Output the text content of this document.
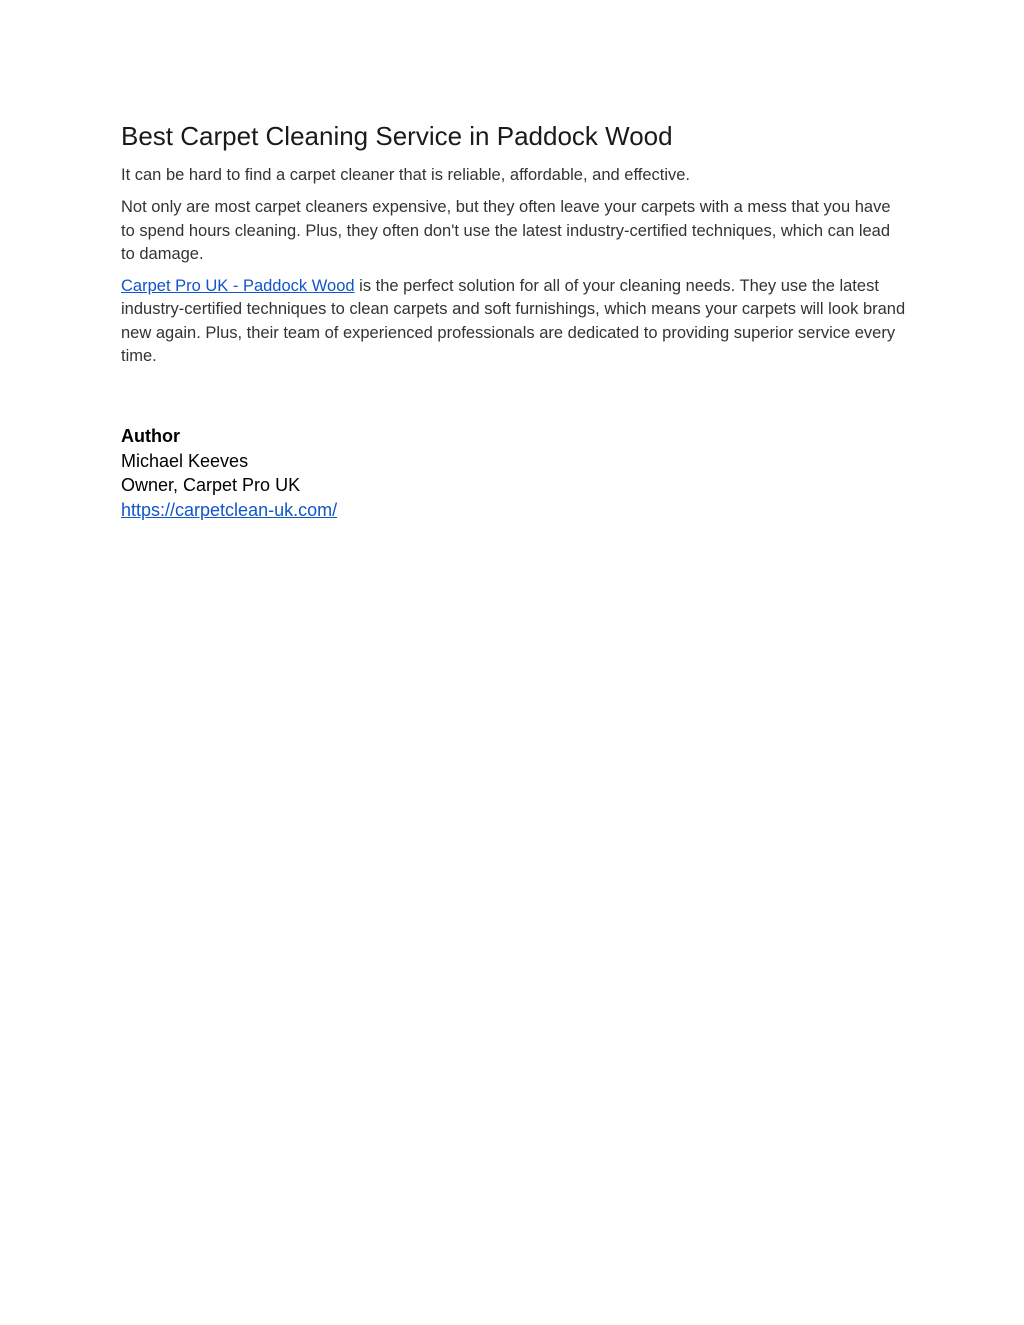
Best Carpet Cleaning Service in Paddock Wood

It can be hard to find a carpet cleaner that is reliable, affordable, and effective.

Not only are most carpet cleaners expensive, but they often leave your carpets with a mess that you have to spend hours cleaning. Plus, they often don't use the latest industry-certified techniques, which can lead to damage.

Carpet Pro UK - Paddock Wood is the perfect solution for all of your cleaning needs. They use the latest industry-certified techniques to clean carpets and soft furnishings, which means your carpets will look brand new again. Plus, their team of experienced professionals are dedicated to providing superior service every time.

Author
Michael Keeves
Owner, Carpet Pro UK
https://carpetclean-uk.com/
